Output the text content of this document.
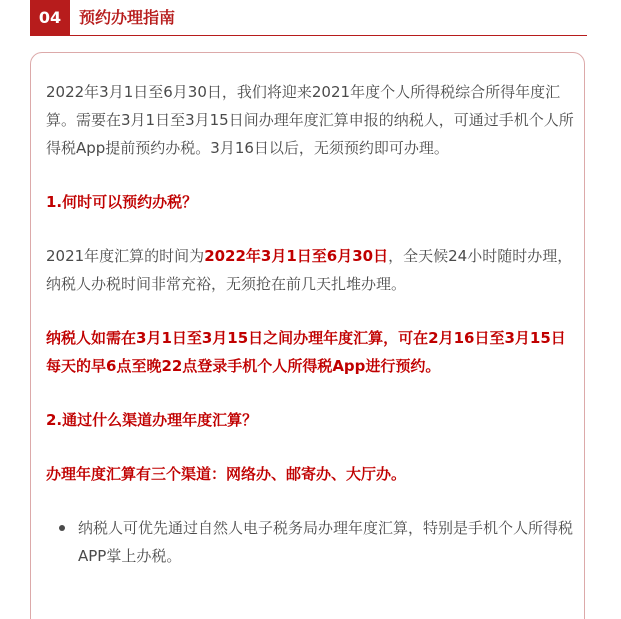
04	预约办理指南

2022年3月1日至6月30日，我们将迎来2021年度个人所得税综合所得年度汇算。需要在3月1日至3月15日间办理年度汇算申报的纳税人，可通过手机个人所得税App提前预约办税。3月16日以后，无须预约即可办理。

1.何时可以预约办税？

2021年度汇算的时间为2022年3月1日至6月30日，全天候24小时随时办理，纳税人办税时间非常充裕，无须抢在前几天扎堆办理。

纳税人如需在3月1日至3月15日之间办理年度汇算，可在2月16日至3月15日每天的早6点至晚22点登录手机个人所得税App进行预约。

2.通过什么渠道办理年度汇算？

办理年度汇算有三个渠道：网络办、邮寄办、大厅办。

纳税人可优先通过自然人电子税务局办理年度汇算，特别是手机个人所得税APP掌上办税。
